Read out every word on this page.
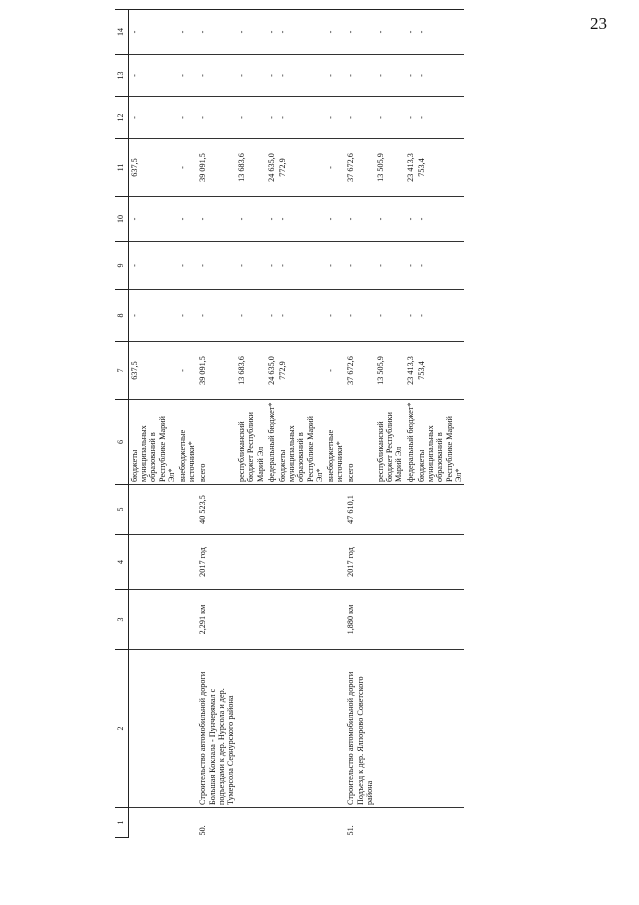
23
1	2	3	4	5	6	7	8	9	10	11	12	13	14
					бюджеты муниципальных образований в Республике Марий Эл*	637,5	-	-	-	637,5	-	-	-
					внебюджетные источники*	-	-	-	-	-	-	-	-
50.	Строительство автомобильной дороги Большая Коклала - Пунчерямал с подъездами к дер. Нурсола и дер. Тумерсола Сернурского района	2,291 км	2017 год	40 523,5	всего	39 091,5	-	-	-	39 091,5	-	-	-
					республиканский бюджет Республики Марий Эл	13 683,6	-	-	-	13 683,6	-	-	-
					федеральный бюджет*	24 635,0	-	-	-	24 635,0	-	-	-
					бюджеты муниципальных образований в Республике Марий Эл*	772,9	-	-	-	772,9	-	-	-
					внебюджетные источники*	-	-	-	-	-	-	-	-
51.	Строительство автомобильной дороги Подъезд к дер. Ялпорово Советского района	1,880 км	2017 год	47 610,1	всего	37 672,6	-	-	-	37 672,6	-	-	-
					республиканский бюджет Республики Марий Эл	13 505,9	-	-	-	13 505,9	-	-	-
					федеральный бюджет*	23 413,3	-	-	-	23 413,3	-	-	-
					бюджеты муниципальных образований в Республике Марий Эл*	753,4	-	-	-	753,4	-	-	-
